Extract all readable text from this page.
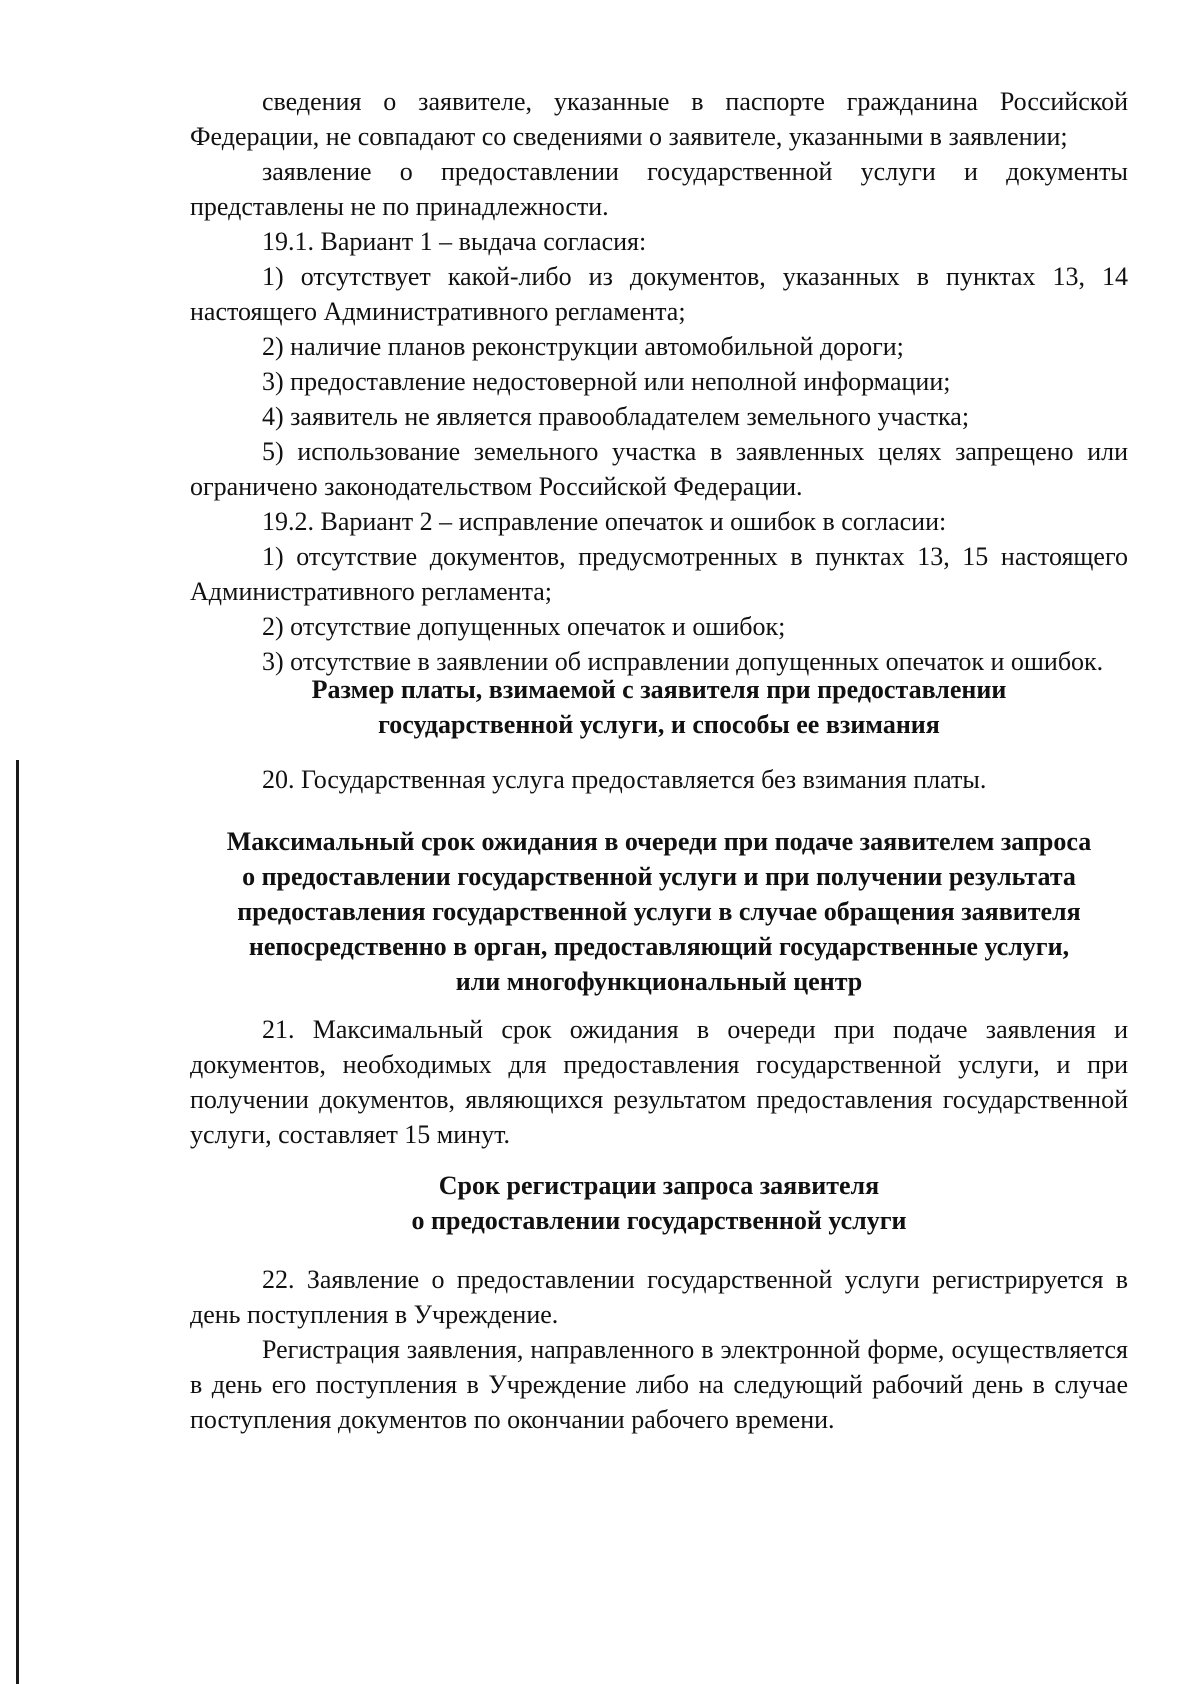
сведения о заявителе, указанные в паспорте гражданина Российской Федерации, не совпадают со сведениями о заявителе, указанными в заявлении;

заявление о предоставлении государственной услуги и документы представлены не по принадлежности.

19.1. Вариант 1 – выдача согласия:

1) отсутствует какой-либо из документов, указанных в пунктах 13, 14 настоящего Административного регламента;

2) наличие планов реконструкции автомобильной дороги;

3) предоставление недостоверной или неполной информации;

4) заявитель не является правообладателем земельного участка;

5) использование земельного участка в заявленных целях запрещено или ограничено законодательством Российской Федерации.

19.2. Вариант 2 – исправление опечаток и ошибок в согласии:

1) отсутствие документов, предусмотренных в пунктах 13, 15 настоящего Административного регламента;

2) отсутствие допущенных опечаток и ошибок;

3) отсутствие в заявлении об исправлении допущенных опечаток и ошибок.

Размер платы, взимаемой с заявителя при предоставлении

государственной услуги, и способы ее взимания

20. Государственная услуга предоставляется без взимания платы.

Максимальный срок ожидания в очереди при подаче заявителем запроса

о предоставлении государственной услуги и при получении результата

предоставления государственной услуги в случае обращения заявителя

непосредственно в орган, предоставляющий государственные услуги,

или многофункциональный центр

21. Максимальный срок ожидания в очереди при подаче заявления и документов, необходимых для предоставления государственной услуги, и при получении документов, являющихся результатом предоставления государственной услуги, составляет 15 минут.

Срок регистрации запроса заявителя

о предоставлении государственной услуги

22. Заявление о предоставлении государственной услуги регистрируется в день поступления в Учреждение.

Регистрация заявления, направленного в электронной форме, осуществляется в день его поступления в Учреждение либо на следующий рабочий день в случае поступления документов по окончании рабочего времени.
